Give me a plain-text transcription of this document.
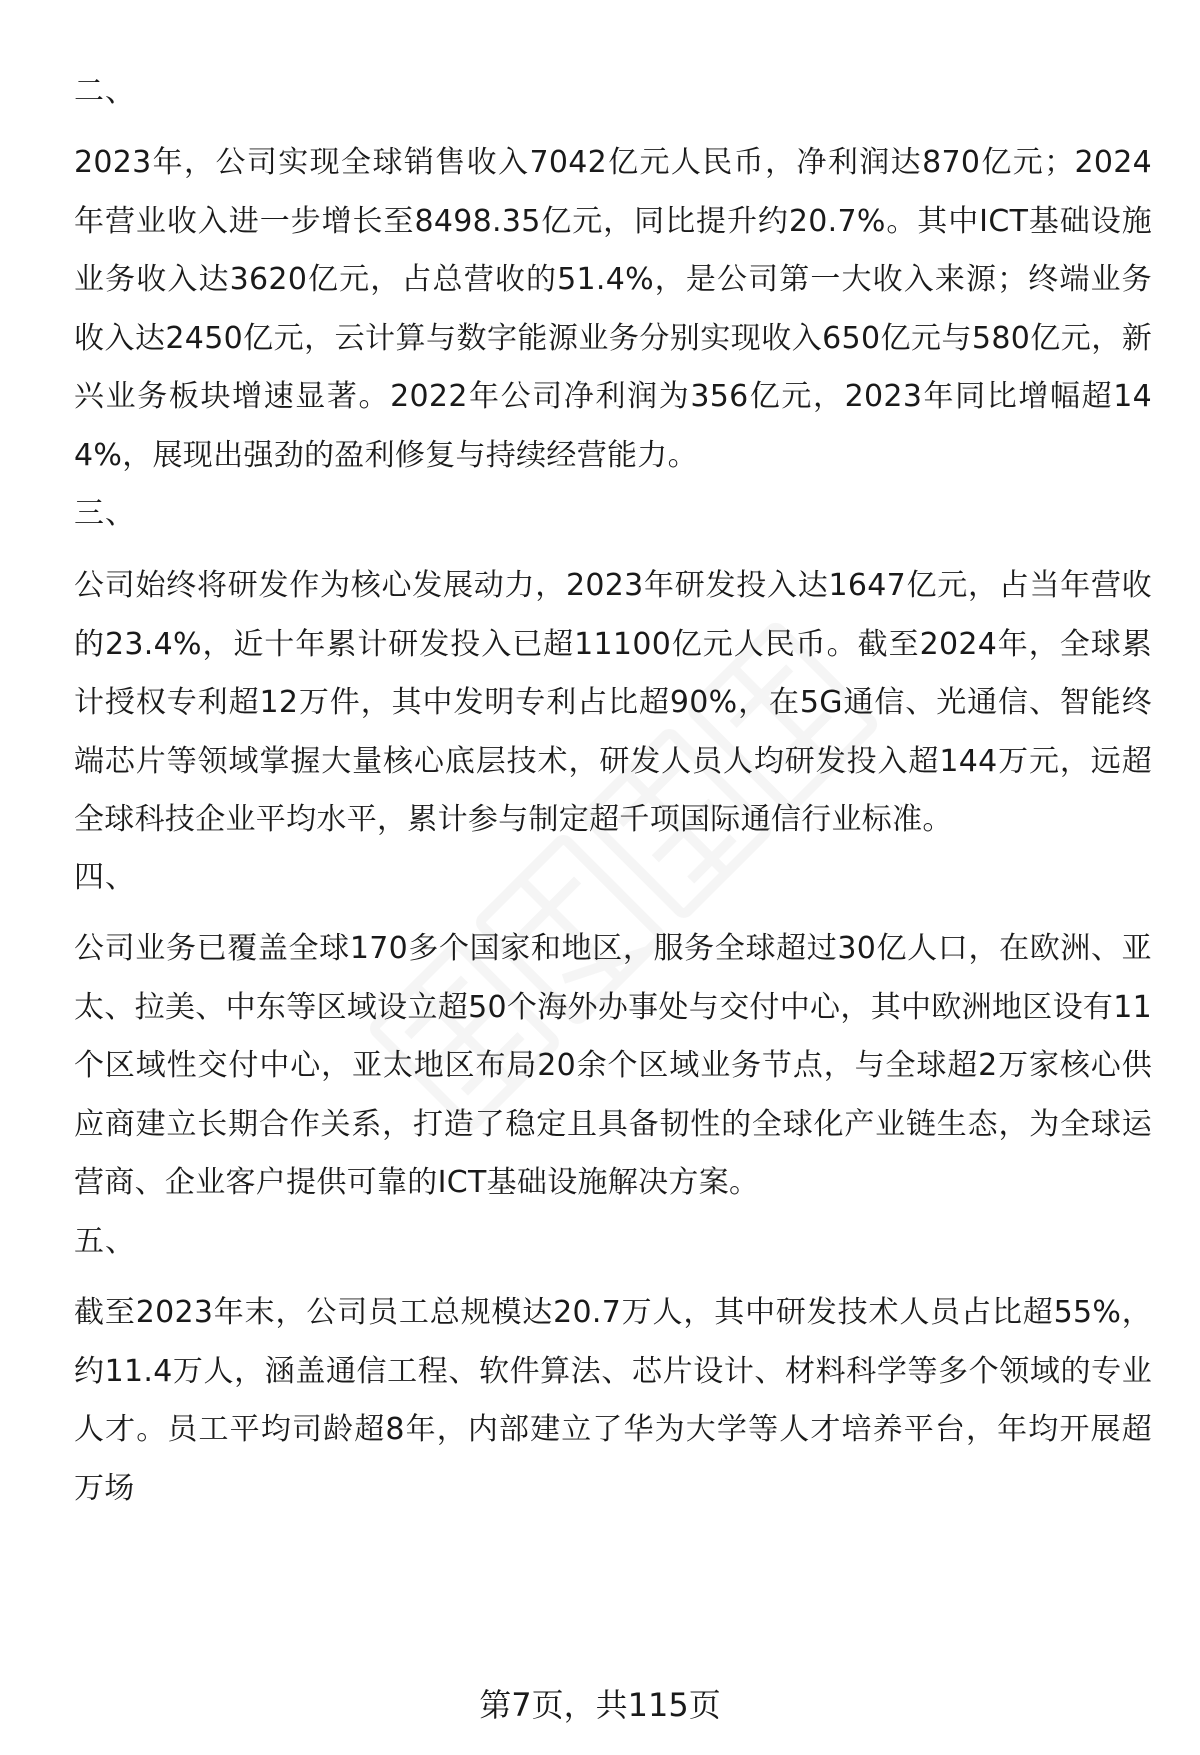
二、
2023年，公司实现全球销售收入7042亿元人民币，净利润达870亿元；2024年营业收入进一步增长至8498.35亿元，同比提升约20.7%。其中ICT基础设施业务收入达3620亿元，占总营收的51.4%，是公司第一大收入来源；终端业务收入达2450亿元，云计算与数字能源业务分别实现收入650亿元与580亿元，新兴业务板块增速显著。2022年公司净利润为356亿元，2023年同比增幅超144%，展现出强劲的盈利修复与持续经营能力。
三、
公司始终将研发作为核心发展动力，2023年研发投入达1647亿元，占当年营收的23.4%，近十年累计研发投入已超11100亿元人民币。截至2024年，全球累计授权专利超12万件，其中发明专利占比超90%，在5G通信、光通信、智能终端芯片等领域掌握大量核心底层技术，研发人员人均研发投入超144万元，远超全球科技企业平均水平，累计参与制定超千项国际通信行业标准。
四、
公司业务已覆盖全球170多个国家和地区，服务全球超过30亿人口，在欧洲、亚太、拉美、中东等区域设立超50个海外办事处与交付中心，其中欧洲地区设有11个区域性交付中心，亚太地区布局20余个区域业务节点，与全球超2万家核心供应商建立长期合作关系，打造了稳定且具备韧性的全球化产业链生态，为全球运营商、企业客户提供可靠的ICT基础设施解决方案。
五、
截至2023年末，公司员工总规模达20.7万人，其中研发技术人员占比超55%，约11.4万人，涵盖通信工程、软件算法、芯片设计、材料科学等多个领域的专业人才。员工平均司龄超8年，内部建立了华为大学等人才培养平台，年均开展超万场
第7页，共115页
